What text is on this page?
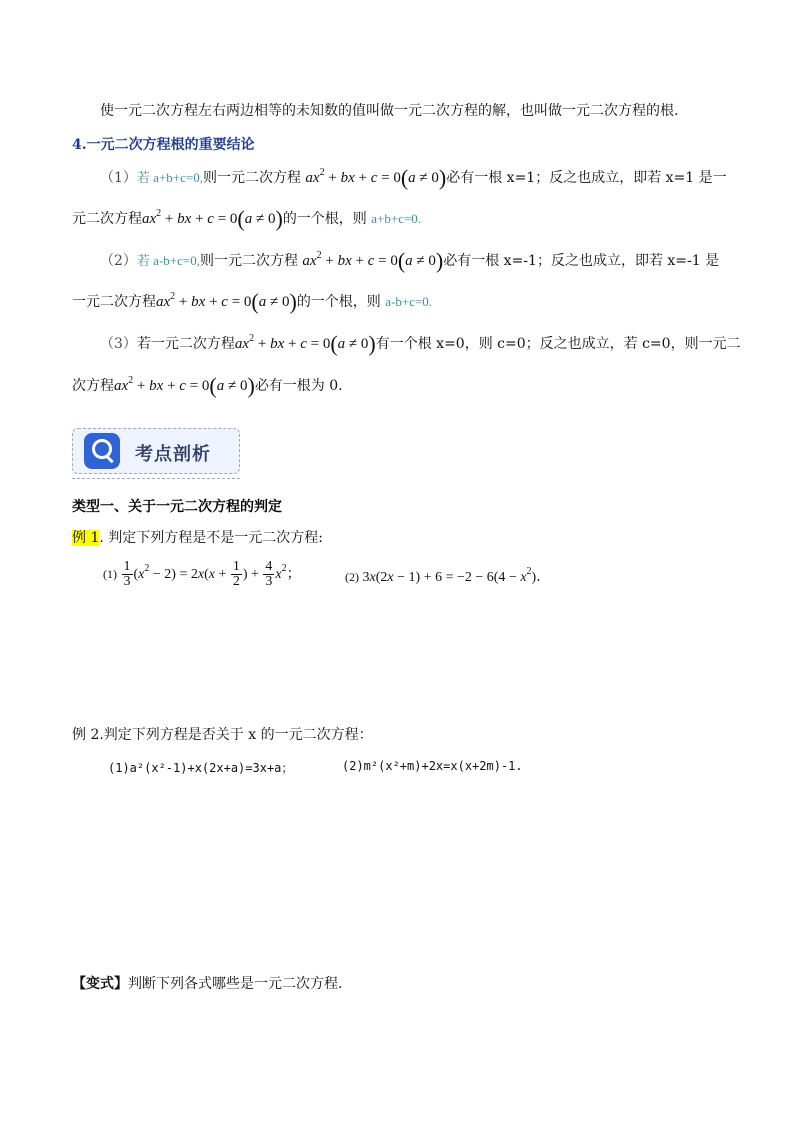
使一元二次方程左右两边相等的未知数的值叫做一元二次方程的解，也叫做一元二次方程的根.
4.一元二次方程根的重要结论
（1）若 a+b+c=0,则一元二次方程 $ax^2$ + bx + c = 0(a ≠ 0)必有一根 x=1；反之也成立，即若 x=1 是一
元二次方程$ax^2$ + bx + c = 0(a ≠ 0)的一个根，则 a+b+c=0.
（2）若 a-b+c=0,则一元二次方程 $ax^2$ + bx + c = 0(a ≠ 0)必有一根 x=-1；反之也成立，即若 x=-1 是
一元二次方程$ax^2$ + bx + c = 0(a ≠ 0)的一个根，则 a-b+c=0.
（3）若一元二次方程$ax^2$ + bx + c = 0(a ≠ 0)有一个根 x=0，则 c=0；反之也成立，若 c=0，则一元二
次方程$ax^2$ + bx + c = 0(a ≠ 0)必有一根为 0.
考点剖析
类型一、关于一元二次方程的判定
例 1. 判定下列方程是不是一元二次方程:
$(1) \frac{1}{3} (x^2 - 2) = 2x(x + \frac{1}{2}$ ) + $\frac{4}{3} x^2$；	(2) $3x(2x - 1) + 6 = -2 - 6(4 - x^2)$．
例 2.判定下列方程是否关于 x 的一元二次方程：
(1)a²(x²-1)+x(2x+a)=3x+a；	(2)m²(x²+m)+2x=x(x+2m)-1.
【变式】判断下列各式哪些是一元二次方程.
